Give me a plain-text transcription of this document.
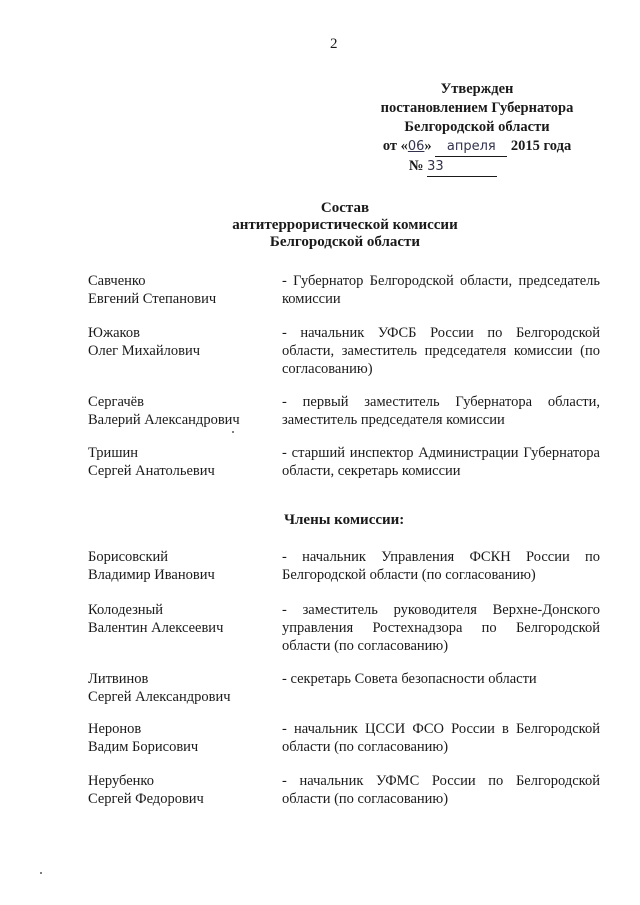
2
Утвержден
постановлением Губернатора
Белгородской области
от «06» апреля 2015 года
№ 33
Состав
антитеррористической комиссии
Белгородской области
Савченко
Евгений Степанович
- Губернатор Белгородской области, председатель комиссии
Южаков
Олег Михайлович
- начальник УФСБ России по Белгородской области, заместитель председателя комиссии (по согласованию)
Сергачёв
Валерий Александрович
- первый заместитель Губернатора области, заместитель председателя комиссии
Тришин
Сергей Анатольевич
- старший инспектор Администрации Губернатора области, секретарь комиссии
Члены комиссии:
Борисовский
Владимир Иванович
- начальник Управления ФСКН России по Белгородской области (по согласованию)
Колодезный
Валентин Алексеевич
- заместитель руководителя Верхне-Донского управления Ростехнадзора по Белгородской области (по согласованию)
Литвинов
Сергей Александрович
- секретарь Совета безопасности области
Неронов
Вадим Борисович
- начальник ЦССИ ФСО России в Белгородской области (по согласованию)
Нерубенко
Сергей Федорович
- начальник УФМС России по Белгородской области (по согласованию)
